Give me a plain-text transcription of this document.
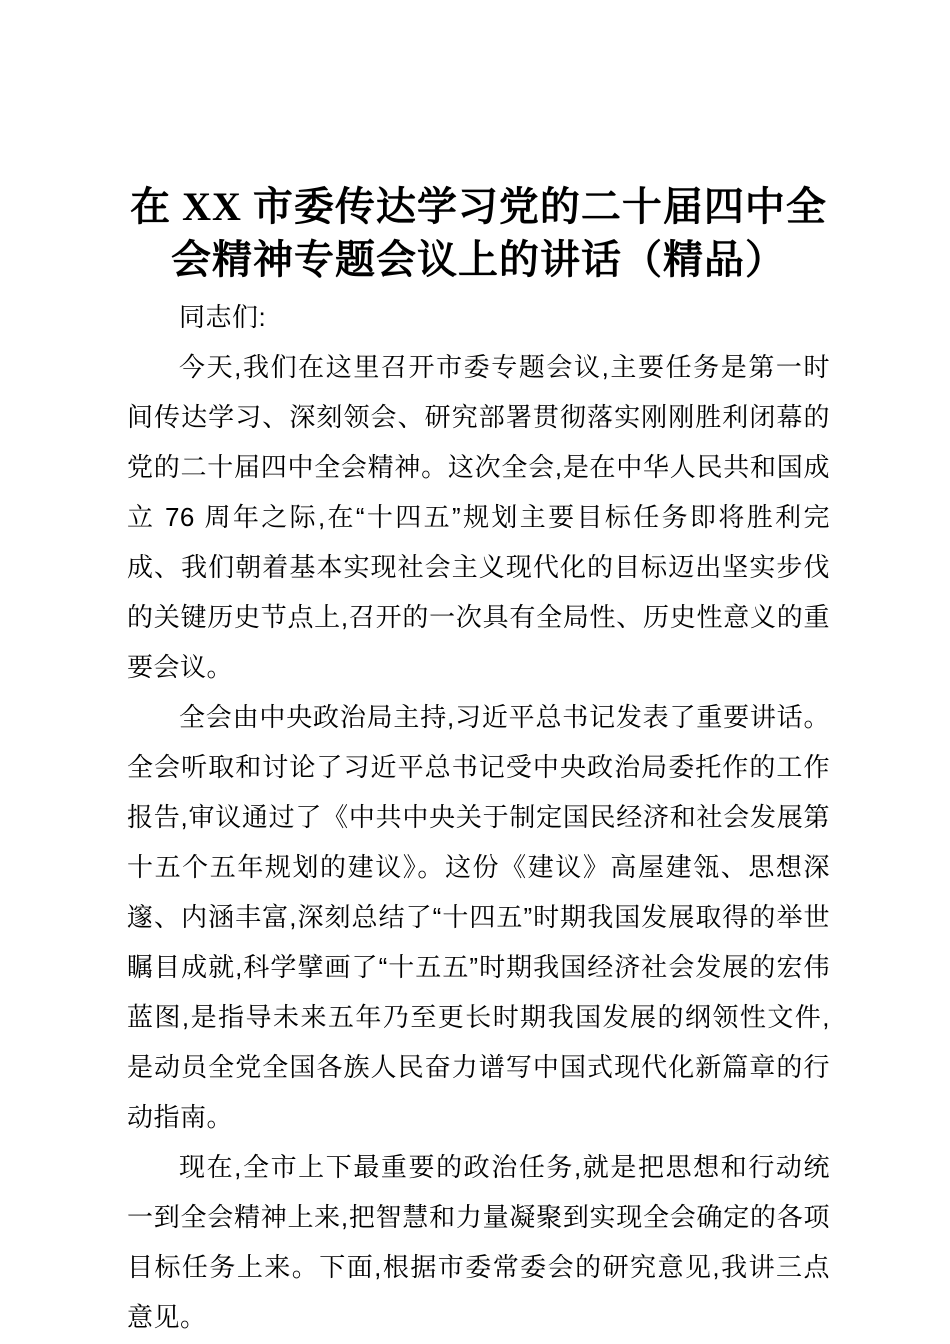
在 XX 市委传达学习党的二十届四中全会精神专题会议上的讲话（精品）

同志们:

今天,我们在这里召开市委专题会议,主要任务是第一时间传达学习、深刻领会、研究部署贯彻落实刚刚胜利闭幕的党的二十届四中全会精神。这次全会,是在中华人民共和国成立 76 周年之际,在“十四五”规划主要目标任务即将胜利完成、我们朝着基本实现社会主义现代化的目标迈出坚实步伐的关键历史节点上,召开的一次具有全局性、历史性意义的重要会议。

全会由中央政治局主持,习近平总书记发表了重要讲话。全会听取和讨论了习近平总书记受中央政治局委托作的工作报告,审议通过了《中共中央关于制定国民经济和社会发展第十五个五年规划的建议》。这份《建议》高屋建瓴、思想深邃、内涵丰富,深刻总结了“十四五”时期我国发展取得的举世瞩目成就,科学擘画了“十五五”时期我国经济社会发展的宏伟蓝图,是指导未来五年乃至更长时期我国发展的纲领性文件,是动员全党全国各族人民奋力谱写中国式现代化新篇章的行动指南。

现在,全市上下最重要的政治任务,就是把思想和行动统一到全会精神上来,把智慧和力量凝聚到实现全会确定的各项目标任务上来。下面,根据市委常委会的研究意见,我讲三点意见。
